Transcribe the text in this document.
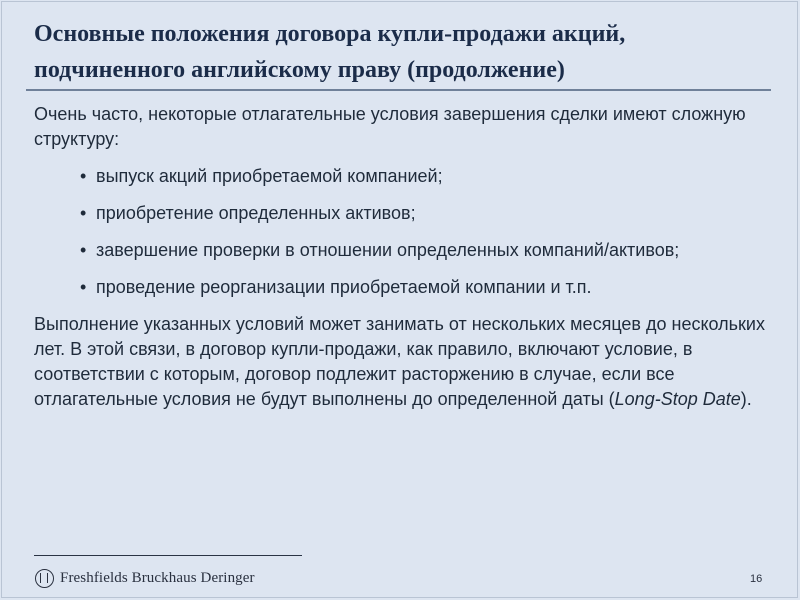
Основные положения договора купли-продажи акций, подчиненного английскому праву (продолжение)

Очень часто, некоторые отлагательные условия завершения сделки имеют сложную структуру:

• выпуск акций приобретаемой компанией;
• приобретение определенных активов;
• завершение проверки в отношении определенных компаний/активов;
• проведение реорганизации приобретаемой компании и т.п.

Выполнение указанных условий может занимать от нескольких месяцев до нескольких лет. В этой связи, в договор купли-продажи, как правило, включают условие, в соответствии с которым, договор подлежит расторжению в случае, если все отлагательные условия не будут выполнены до определенной даты (Long-Stop Date).

Freshfields Bruckhaus Deringer	16
